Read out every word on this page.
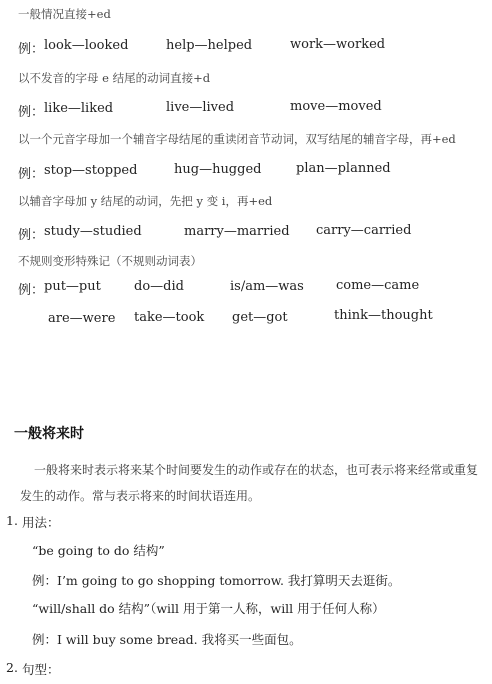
一般情况直接+ed
例： look—looked	help—helped	work—worked
以不发音的字母 e 结尾的动词直接+d
例： like—liked	live—lived	move—moved
以一个元音字母加一个辅音字母结尾的重读闭音节动词，双写结尾的辅音字母，再+ed
例： stop—stopped	hug—hugged	plan—planned
以辅音字母加 y 结尾的动词，先把 y 变 i，再+ed
例： study—studied	marry—married carry—carried
不规则变形特殊记（不规则动词表）
例： put—put	do—did	is/am—was come—came
are—were take—took get—got	think—thought
一般将来时
一般将来时表示将来某个时间要发生的动作或存在的状态，也可表示将来经常或重复
发生的动作。常与表示将来的时间状语连用。
1. 用法：
“be going to do 结构”
例：I’m going to go shopping tomorrow. 我打算明天去逛街。
“will/shall do 结构”（will 用于第一人称，will 用于任何人称）
例：I will buy some bread. 我将买一些面包。
2. 句型：
